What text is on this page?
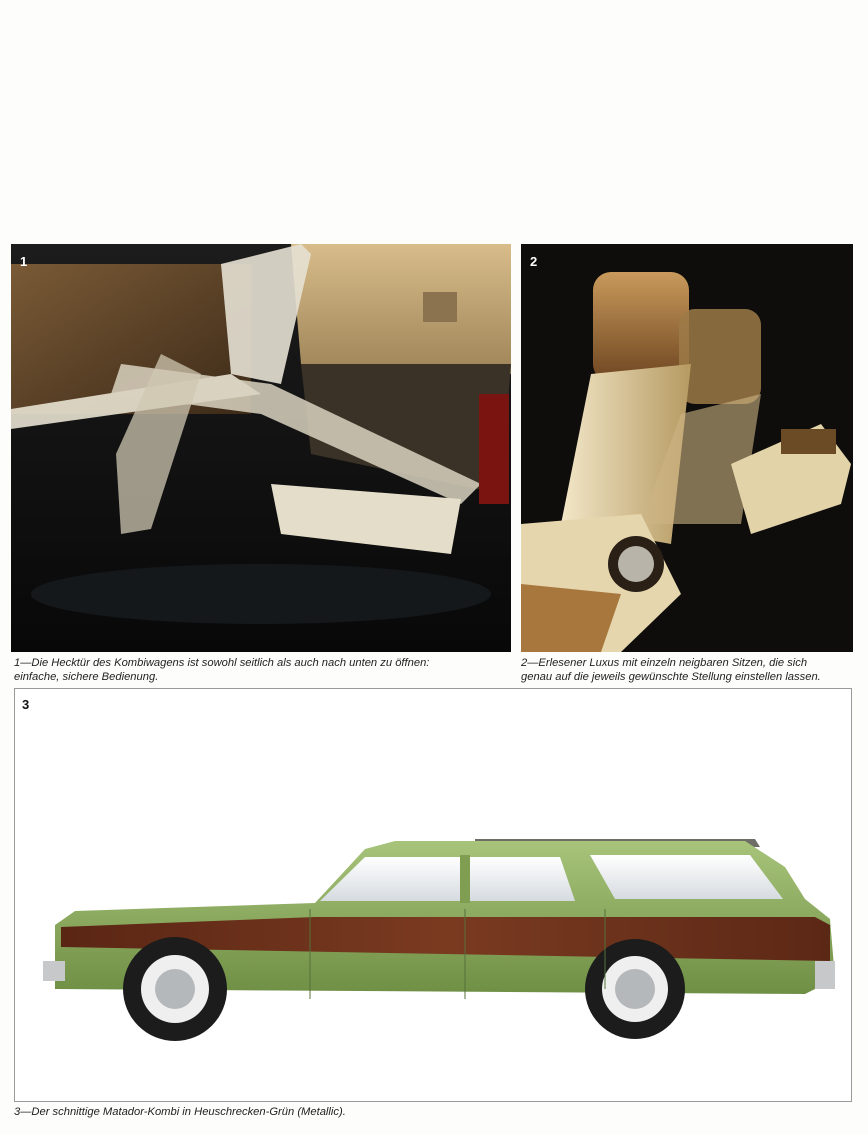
1	2
1—Die Hecktür des Kombiwagens ist sowohl seitlich als auch nach unten zu öffnen:
einfache, sichere Bedienung.
2—Erlesener Luxus mit einzeln neigbaren Sitzen, die sich
genau auf die jeweils gewünschte Stellung einstellen lassen.
3
3—Der schnittige Matador-Kombi in Heuschrecken-Grün (Metallic).
